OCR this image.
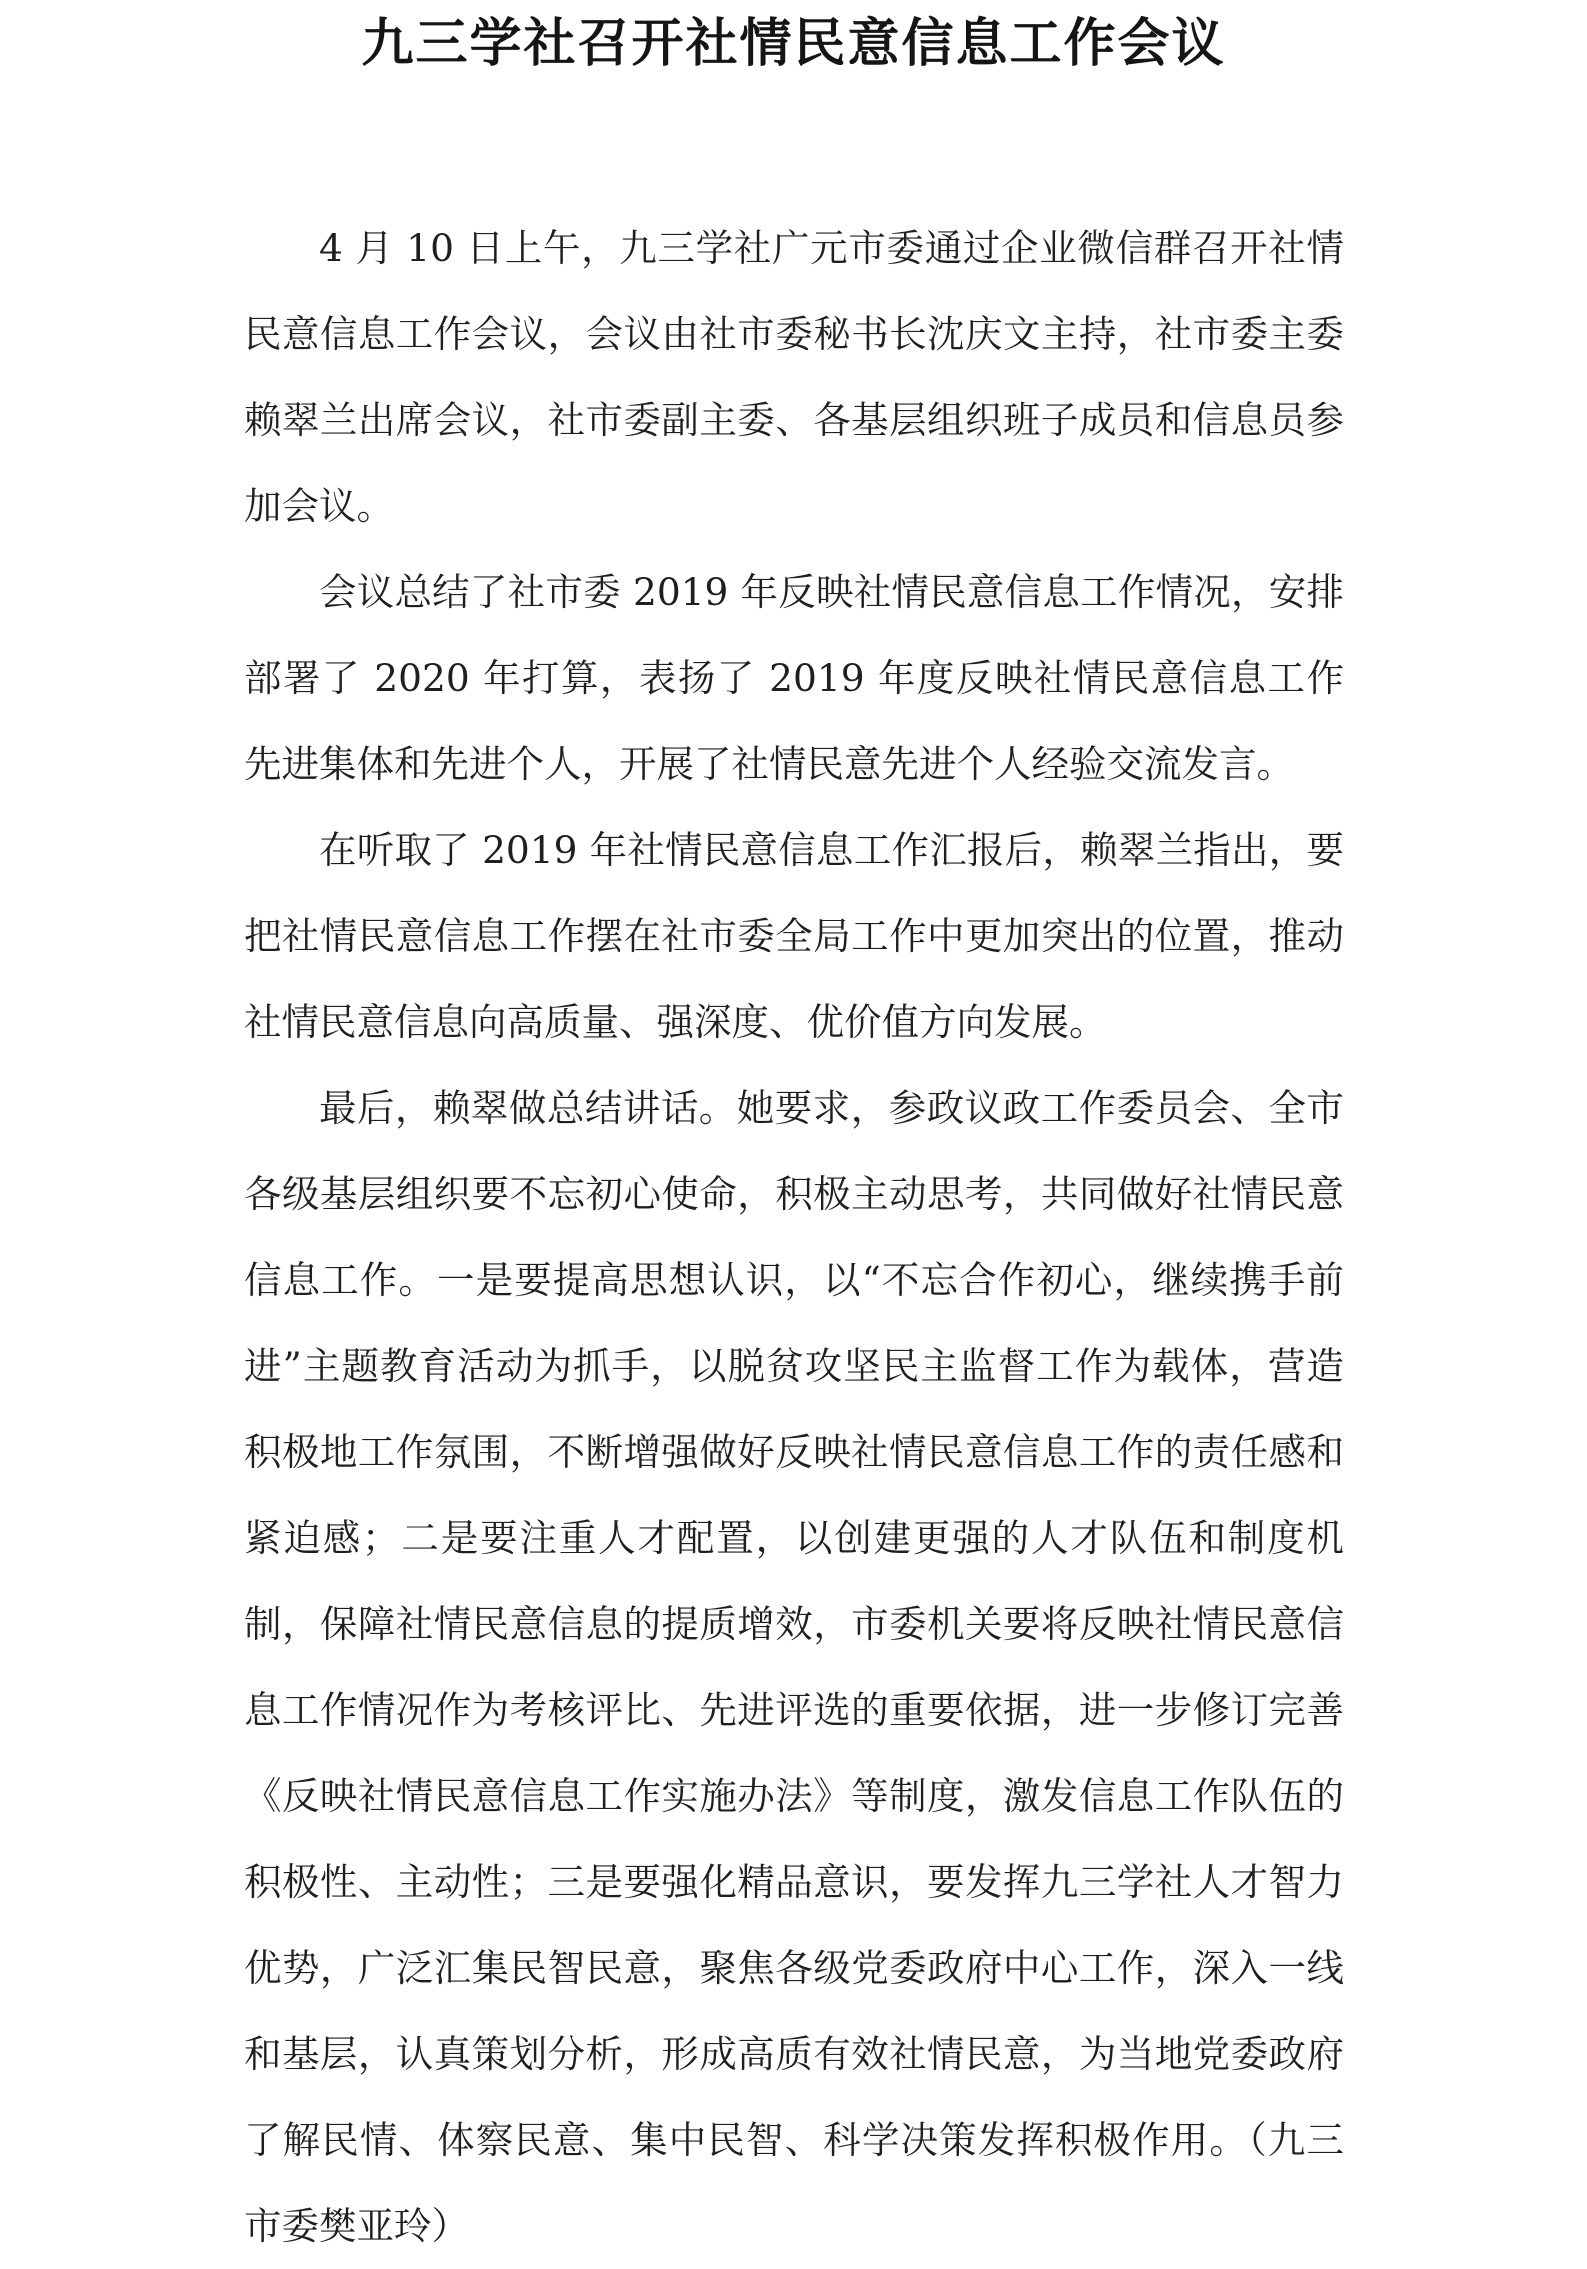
九三学社召开社情民意信息工作会议

4 月 10 日上午，九三学社广元市委通过企业微信群召开社情民意信息工作会议，会议由社市委秘书长沈庆文主持，社市委主委赖翠兰出席会议，社市委副主委、各基层组织班子成员和信息员参加会议。

会议总结了社市委 2019 年反映社情民意信息工作情况，安排部署了 2020 年打算，表扬了 2019 年度反映社情民意信息工作先进集体和先进个人，开展了社情民意先进个人经验交流发言。

在听取了 2019 年社情民意信息工作汇报后，赖翠兰指出，要把社情民意信息工作摆在社市委全局工作中更加突出的位置，推动社情民意信息向高质量、强深度、优价值方向发展。

最后，赖翠做总结讲话。她要求，参政议政工作委员会、全市各级基层组织要不忘初心使命，积极主动思考，共同做好社情民意信息工作。一是要提高思想认识，以“不忘合作初心，继续携手前进”主题教育活动为抓手，以脱贫攻坚民主监督工作为载体，营造积极地工作氛围，不断增强做好反映社情民意信息工作的责任感和紧迫感；二是要注重人才配置，以创建更强的人才队伍和制度机制，保障社情民意信息的提质增效，市委机关要将反映社情民意信息工作情况作为考核评比、先进评选的重要依据，进一步修订完善《反映社情民意信息工作实施办法》等制度，激发信息工作队伍的积极性、主动性；三是要强化精品意识，要发挥九三学社人才智力优势，广泛汇集民智民意，聚焦各级党委政府中心工作，深入一线和基层，认真策划分析，形成高质有效社情民意，为当地党委政府了解民情、体察民意、集中民智、科学决策发挥积极作用。（九三市委樊亚玲）
